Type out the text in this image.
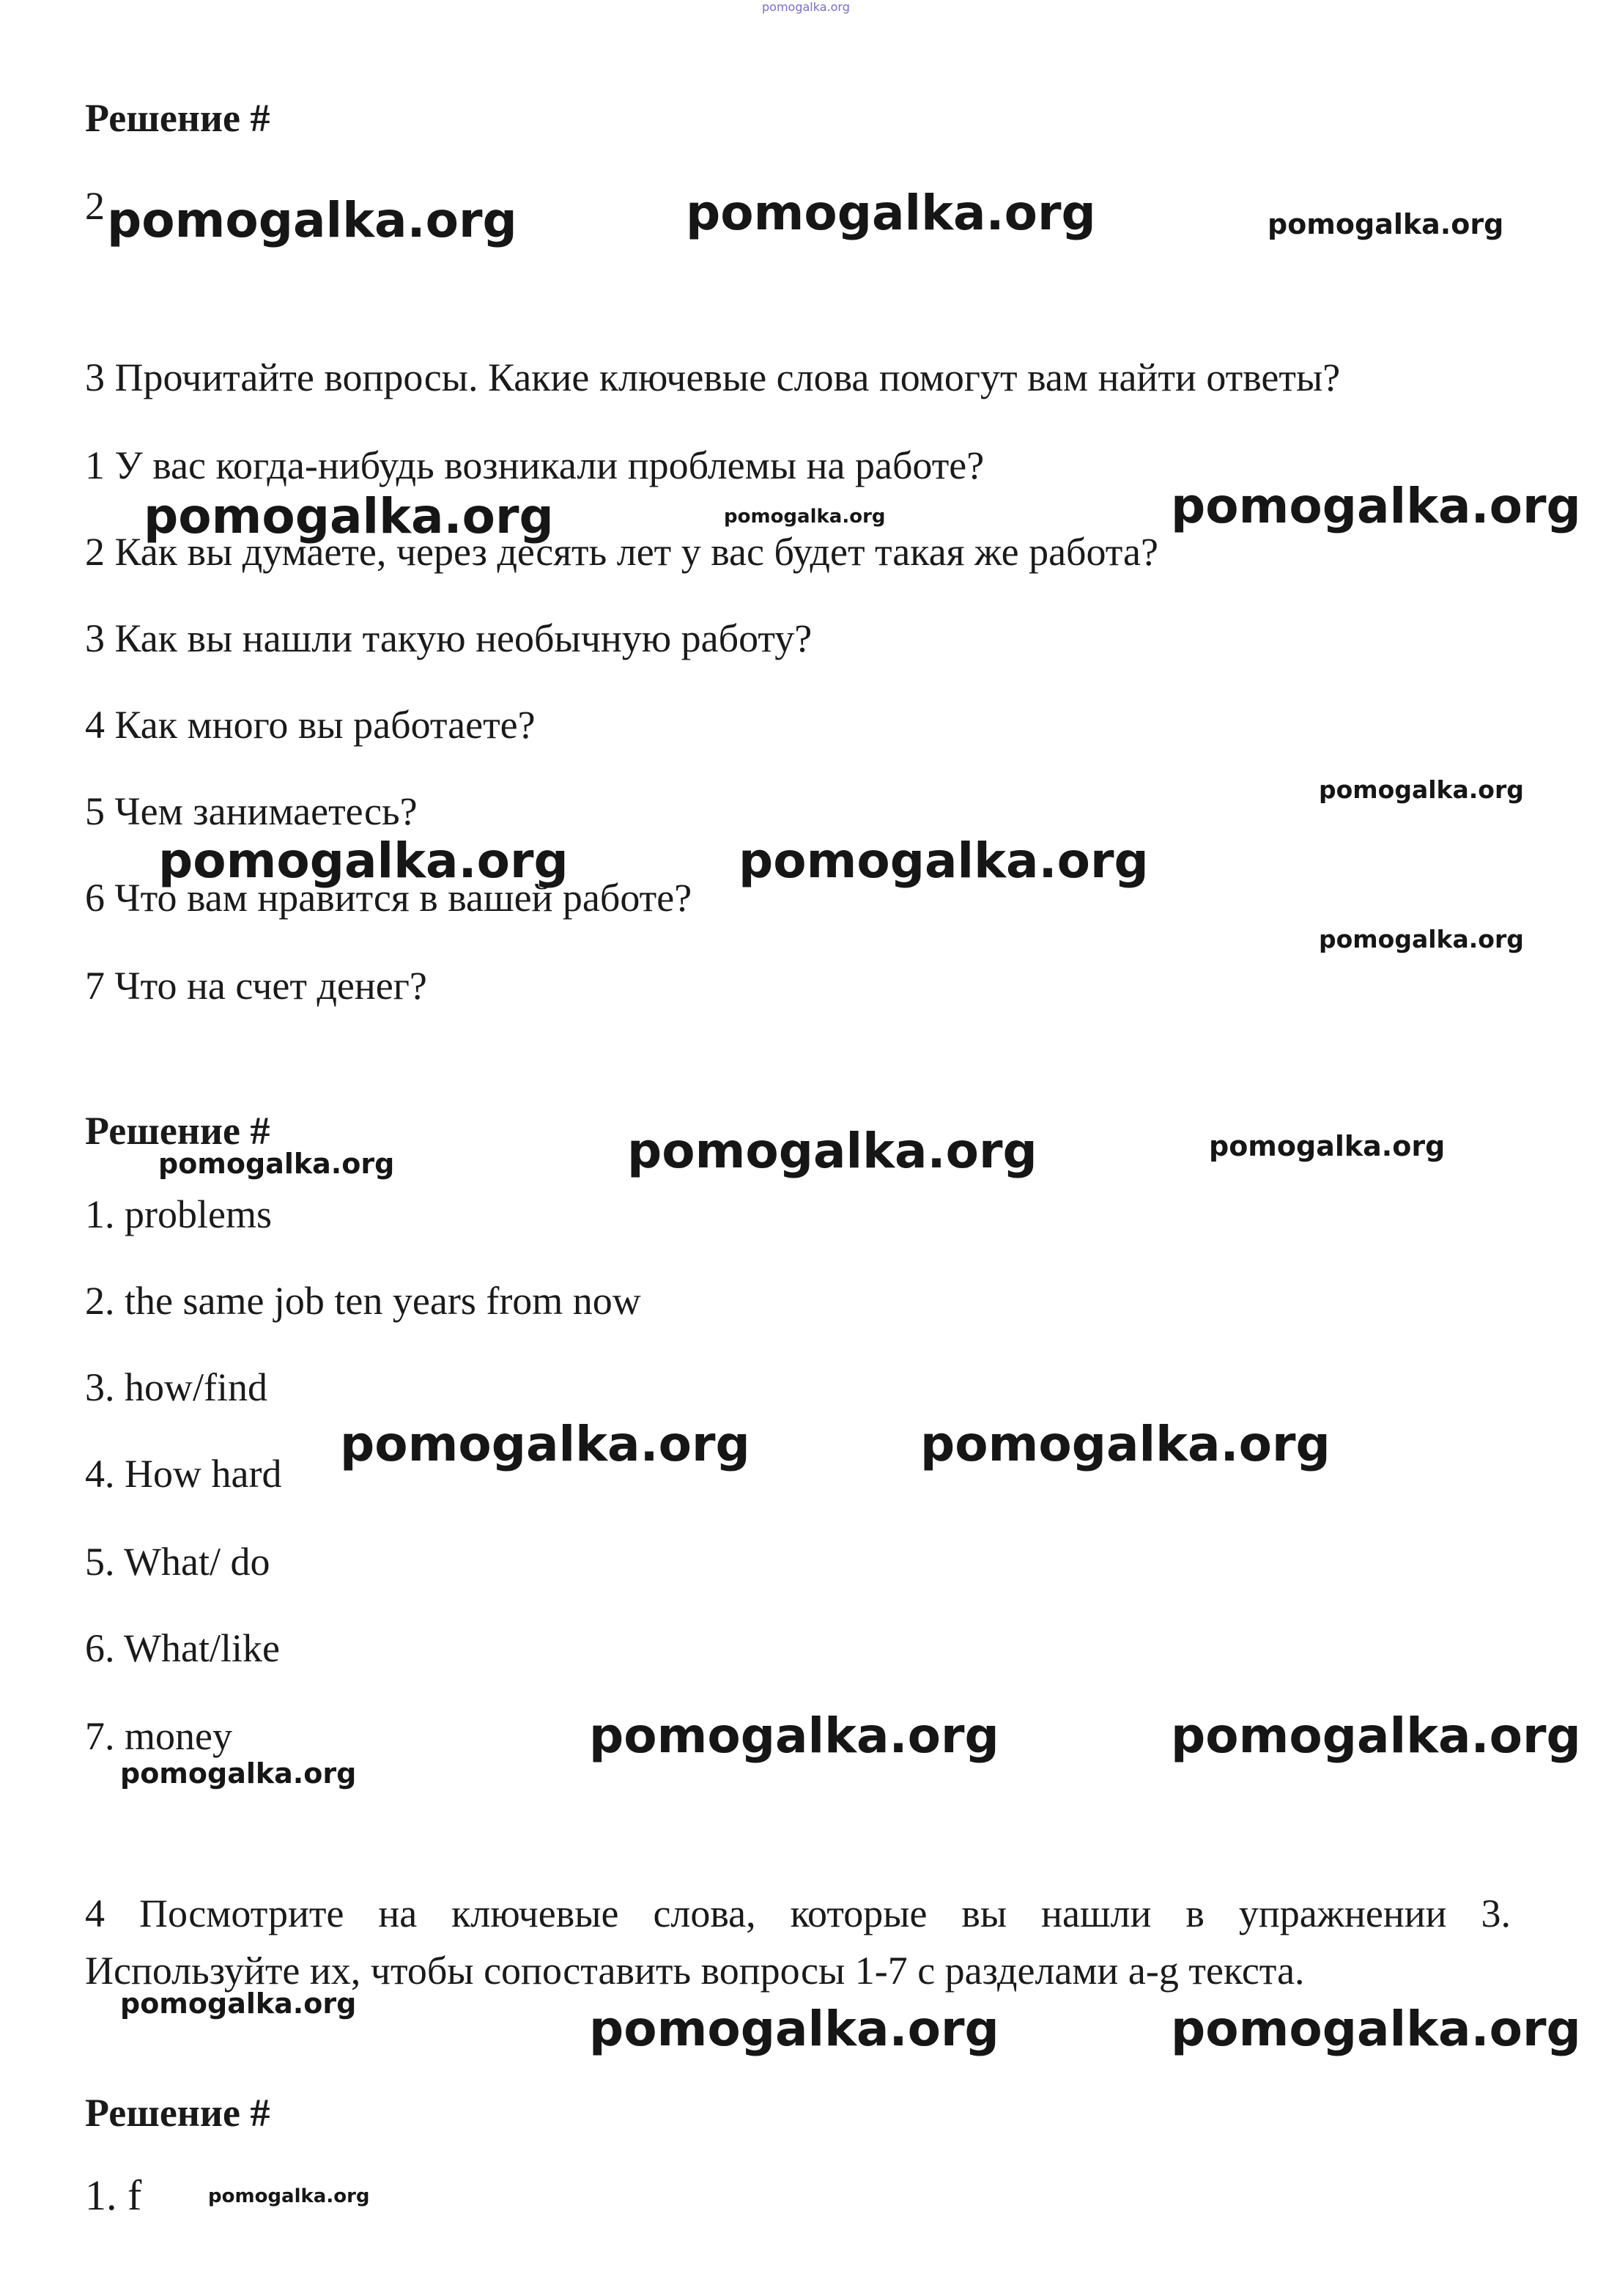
pomogalka.org
Решение #
2 pomogalka.org	pomogalka.org	pomogalka.org
3 Прочитайте вопросы. Какие ключевые слова помогут вам найти ответы?
1 У вас когда-нибудь возникали проблемы на работе?
2 Как вы думаете, через десять лет у вас будет такая же работа?
3 Как вы нашли такую необычную работу?
4 Как много вы работаете?
5 Чем занимаетесь?
6 Что вам нравится в вашей работе?
7 Что на счет денег?
pomogalka.org	pomogalka.org	pomogalka.org
pomogalka.org
pomogalka.org	pomogalka.org
pomogalka.org
Решение #
1. problems
2. the same job ten years from now
3. how/find
4. How hard
5. What/ do
6. What/like
7. money
pomogalka.org	pomogalka.org	pomogalka.org
pomogalka.org	pomogalka.org
pomogalka.org	pomogalka.org
pomogalka.org
4 Посмотрите на ключевые слова, которые вы нашли в упражнении 3.
Используйте их, чтобы сопоставить вопросы 1-7 с разделами a-g текста.
pomogalka.org	pomogalka.org	pomogalka.org
Решение #
1. f	pomogalka.org
